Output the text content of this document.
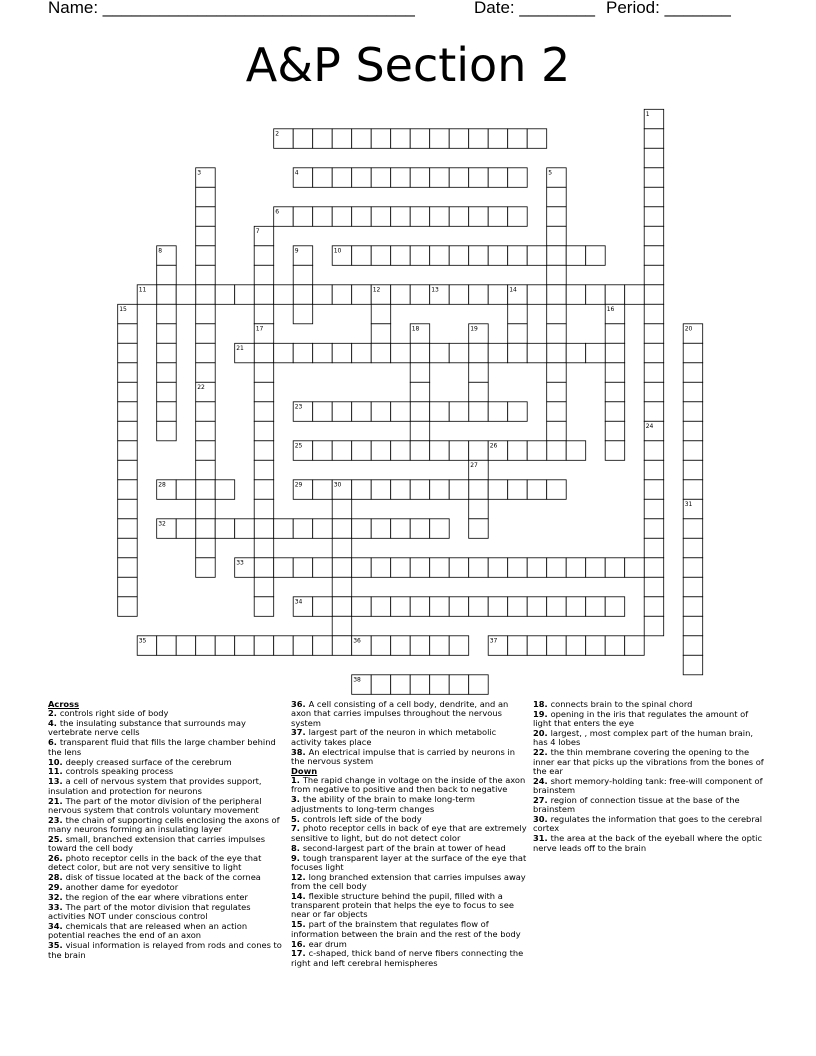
Name: _________________________________	Date: ________ Period: _______
A&P Section 2
1
2
3	4	5
6
7
8	9	10
11	12	13	14
15	16
17	18	19	20
21
22
23
24
25	26
27
28	29	30
31
32
33
34
35	36	37
38
Across
2. controls right side of body
4. the insulating substance that surrounds may vertebrate nerve cells
6. transparent fluid that fills the large chamber behind the lens
10. deeply creased surface of the cerebrum
11. controls speaking process
13. a cell of nervous system that provides support, insulation and protection for neurons
21. The part of the motor division of the peripheral nervous system that controls voluntary movement
23. the chain of supporting cells enclosing the axons of many neurons forming an insulating layer
25. small, branched extension that carries impulses toward the cell body
26. photo receptor cells in the back of the eye that detect color, but are not very sensitive to light
28. disk of tissue located at the back of the cornea
29. another dame for eyedotor
32. the region of the ear where vibrations enter
33. The part of the motor division that regulates activities NOT under conscious control
34. chemicals that are released when an action potential reaches the end of an axon
35. visual information is relayed from rods and cones to the brain
36. A cell consisting of a cell body, dendrite, and an axon that carries impulses throughout the nervous system
37. largest part of the neuron in which metabolic activity takes place
38. An electrical impulse that is carried by neurons in the nervous system
Down
1. The rapid change in voltage on the inside of the axon from negative to positive and then back to negative
3. the ability of the brain to make long-term adjustments to long-term changes
5. controls left side of the body
7. photo receptor cells in back of eye that are extremely sensitive to light, but do not detect color
8. second-largest part of the brain at tower of head
9. tough transparent layer at the surface of the eye that focuses light
12. long branched extension that carries impulses away from the cell body
14. flexible structure behind the pupil, filled with a transparent protein that helps the eye to focus to see near or far objects
15. part of the brainstem that regulates flow of information between the brain and the rest of the body
16. ear drum
17. c-shaped, thick band of nerve fibers connecting the right and left cerebral hemispheres
18. connects brain to the spinal chord
19. opening in the iris that regulates the amount of light that enters the eye
20. largest, , most complex part of the human brain, has 4 lobes
22. the thin membrane covering the opening to the inner ear that picks up the vibrations from the bones of the ear
24. short memory-holding tank: free-will component of brainstem
27. region of connection tissue at the base of the brainstem
30. regulates the information that goes to the cerebral cortex
31. the area at the back of the eyeball where the optic nerve leads off to the brain
